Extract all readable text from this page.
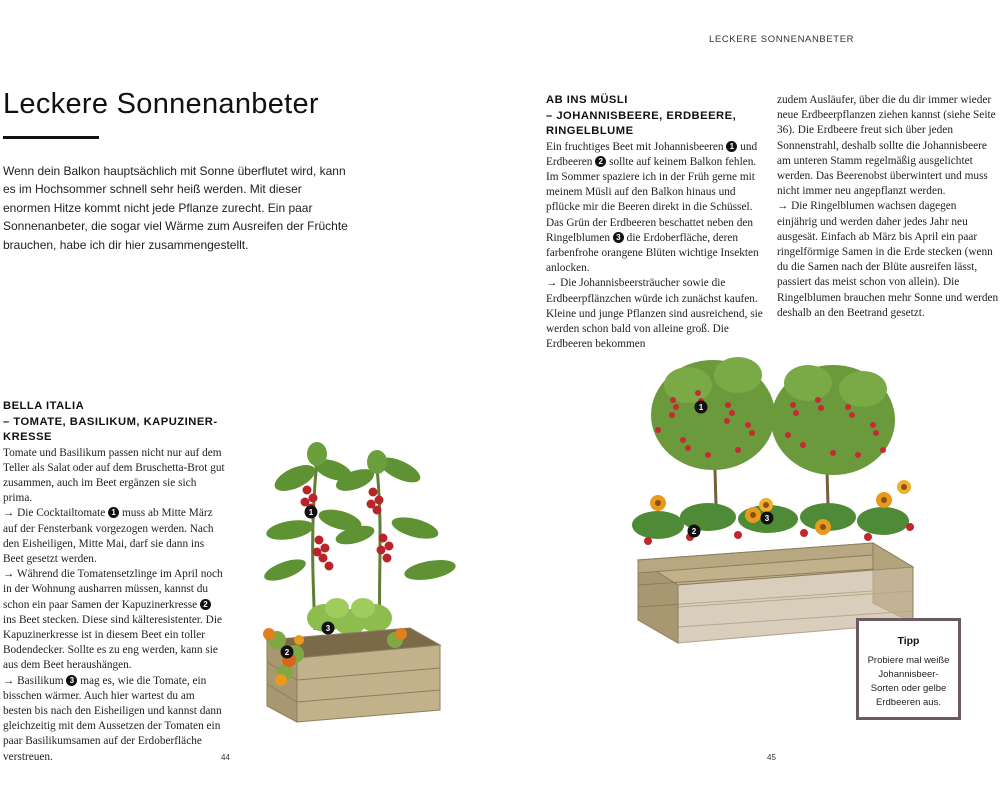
LECKERE SONNENANBETER
Leckere Sonnenanbeter
Wenn dein Balkon hauptsächlich mit Sonne überflutet wird, kann es im Hochsommer schnell sehr heiß werden. Mit dieser enormen Hitze kommt nicht jede Pflanze zurecht. Ein paar Sonnenanbeter, die sogar viel Wärme zum Ausreifen der Früchte brauchen, habe ich dir hier zusammengestellt.
AB INS MÜSLI
– JOHANNISBEERE, ERDBEERE,
RINGELBLUME

Ein fruchtiges Beet mit Johannisbeeren 1 und Erdbeeren 2 sollte auf keinem Balkon fehlen. Im Sommer spaziere ich in der Früh gerne mit meinem Müsli auf den Balkon hinaus und pflücke mir die Beeren direkt in die Schüssel. Das Grün der Erdbeeren beschattet neben den Ringelblumen 3 die Erdoberfläche, deren farbenfrohe orangene Blüten wichtige Insekten anlocken.

→ Die Johannisbeersträucher sowie die Erdbeerpflänzchen würde ich zunächst kaufen. Kleine und junge Pflanzen sind ausreichend, sie werden schon bald von alleine groß. Die Erdbeeren bekommen

zudem Ausläufer, über die du dir immer wieder neue Erdbeerpflanzen ziehen kannst (siehe Seite 36). Die Erdbeere freut sich über jeden Sonnenstrahl, deshalb sollte die Johannisbeere am unteren Stamm regelmäßig ausgelichtet werden. Das Beerenobst überwintert und muss nicht immer neu angepflanzt werden.

→ Die Ringelblumen wachsen dagegen einjährig und werden daher jedes Jahr neu ausgesät. Einfach ab März bis April ein paar ringelförmige Samen in die Erde stecken (wenn du die Samen nach der Blüte ausreifen lässt, passiert das meist schon von allein). Die Ringelblumen brauchen mehr Sonne und werden deshalb an den Beetrand gesetzt.

BELLA ITALIA
– TOMATE, BASILIKUM, KAPUZINER-
KRESSE

Tomate und Basilikum passen nicht nur auf dem Teller als Salat oder auf dem Bruschetta-Brot gut zusammen, auch im Beet ergänzen sie sich prima.

→ Die Cocktailtomate 1 muss ab Mitte März auf der Fensterbank vorgezogen werden. Nach den Eisheiligen, Mitte Mai, darf sie dann ins Beet gesetzt werden.

→ Während die Tomatensetzlinge im April noch in der Wohnung ausharren müssen, kannst du schon ein paar Samen der Kapuzinerkresse 2 ins Beet stecken. Diese sind kälteresistenter. Die Kapuzinerkresse ist in diesem Beet ein toller Bodendecker. Sollte es zu eng werden, kann sie aus dem Beet heraushängen.

→ Basilikum 3 mag es, wie die Tomate, ein bisschen wärmer. Auch hier wartest du am besten bis nach den Eisheiligen und kannst dann gleichzeitig mit dem Aussetzen der Tomaten ein paar Basilikumsamen auf der Erdoberfläche verstreuen.

1
2
3
1
2
3
Tipp
Probiere mal weiße Johannisbeer-Sorten oder gelbe Erdbeeren aus.
44	45
